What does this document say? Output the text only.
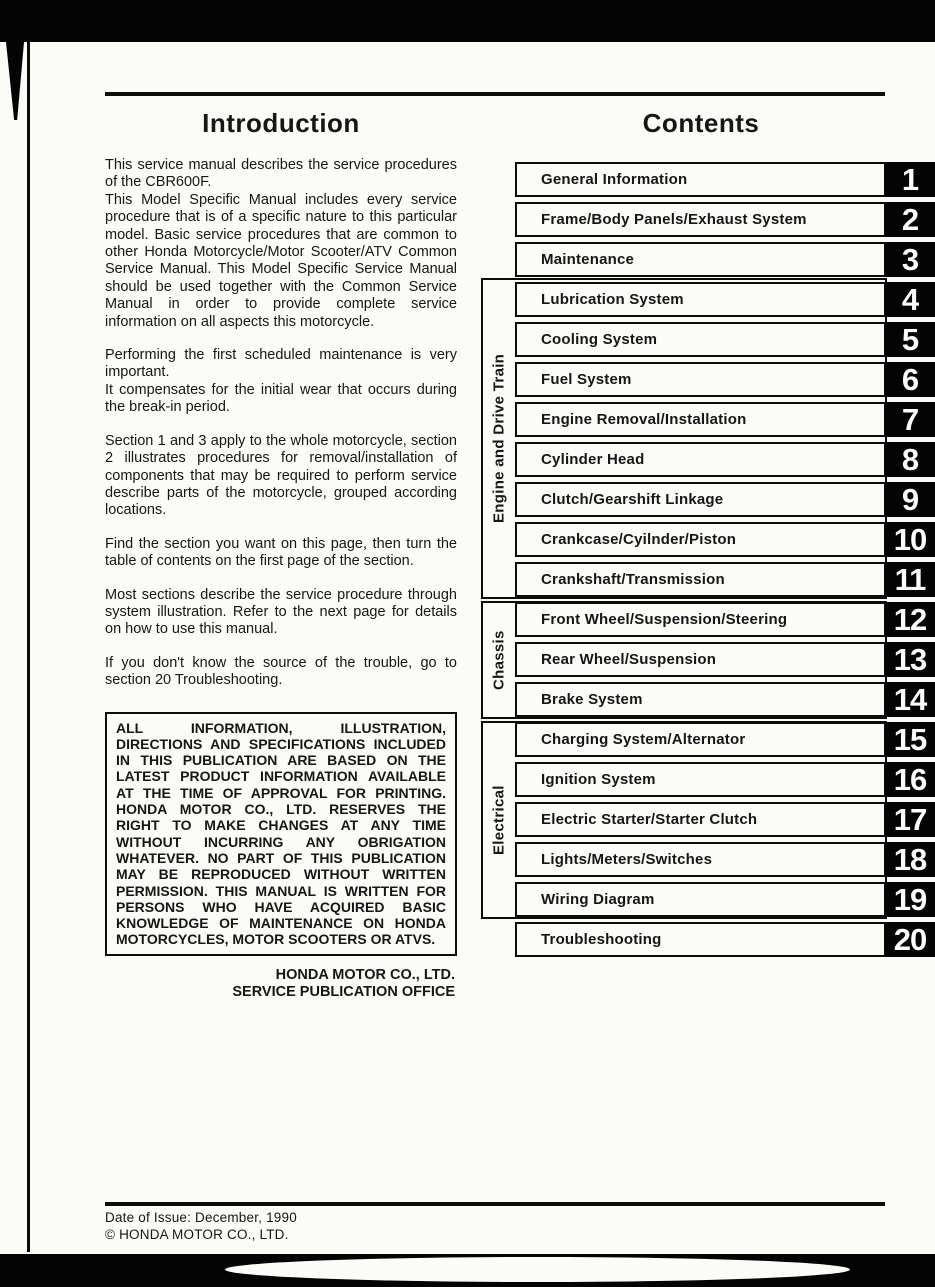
Introduction	Contents

This service manual describes the service procedures of the CBR600F.

This Model Specific Manual includes every service procedure that is of a specific nature to this particular model. Basic service procedures that are common to other Honda Motorcycle/Motor Scooter/ATV Common Service Manual. This Model Specific Service Manual should be used together with the Common Service Manual in order to provide complete service information on all aspects this motorcycle.

Performing the first scheduled maintenance is very important.

It compensates for the initial wear that occurs during the break-in period.

Section 1 and 3 apply to the whole motorcycle, section 2 illustrates procedures for removal/installation of components that may be required to perform service describe parts of the motorcycle, grouped according locations.

Find the section you want on this page, then turn the table of contents on the first page of the section.

Most sections describe the service procedure through system illustration. Refer to the next page for details on how to use this manual.

If you don't know the source of the trouble, go to section 20 Troubleshooting.

ALL INFORMATION, ILLUSTRATION, DIRECTIONS AND SPECIFICATIONS INCLUDED IN THIS PUBLICATION ARE BASED ON THE LATEST PRODUCT INFORMATION AVAILABLE AT THE TIME OF APPROVAL FOR PRINTING. HONDA MOTOR CO., LTD. RESERVES THE RIGHT TO MAKE CHANGES AT ANY TIME WITHOUT INCURRING ANY OBRIGATION WHATEVER. NO PART OF THIS PUBLICATION MAY BE REPRODUCED WITHOUT WRITTEN PERMISSION. THIS MANUAL IS WRITTEN FOR PERSONS WHO HAVE ACQUIRED BASIC KNOWLEDGE OF MAINTENANCE ON HONDA MOTORCYCLES, MOTOR SCOOTERS OR ATVS.
HONDA MOTOR CO., LTD.
SERVICE PUBLICATION OFFICE
Engine and Drive Train
Chassis
Electrical
General Information	1
Frame/Body Panels/Exhaust System	2
Maintenance	3
Lubrication System	4
Cooling System	5
Fuel System	6
Engine Removal/Installation	7
Cylinder Head	8
Clutch/Gearshift Linkage	9
Crankcase/Cyilnder/Piston	10
Crankshaft/Transmission	11
Front Wheel/Suspension/Steering	12
Rear Wheel/Suspension	13
Brake System	14
Charging System/Alternator	15
Ignition System	16
Electric Starter/Starter Clutch	17
Lights/Meters/Switches	18
Wiring Diagram	19
Troubleshooting	20
Date of Issue: December, 1990
© HONDA MOTOR CO., LTD.
